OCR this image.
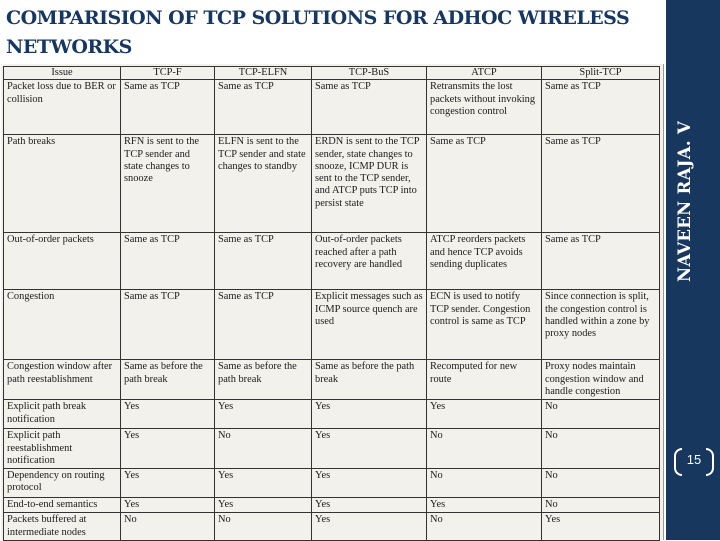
COMPARISION OF TCP SOLUTIONS FOR ADHOC WIRELESS NETWORKS
Issue	TCP-F	TCP-ELFN	TCP-BuS	ATCP	Split-TCP
Packet loss due to BER or collision	Same as TCP	Same as TCP	Same as TCP	Retransmits the lost packets without invoking congestion control	Same as TCP
Path breaks	RFN is sent to the TCP sender and state changes to snooze	ELFN is sent to the TCP sender and state changes to standby	ERDN is sent to the TCP sender, state changes to snooze, ICMP DUR is sent to the TCP sender, and ATCP puts TCP into persist state	Same as TCP	Same as TCP
Out-of-order packets	Same as TCP	Same as TCP	Out-of-order packets reached after a path recovery are handled	ATCP reorders packets and hence TCP avoids sending duplicates	Same as TCP
Congestion	Same as TCP	Same as TCP	Explicit messages such as ICMP source quench are used	ECN is used to notify TCP sender. Congestion control is same as TCP	Since connection is split, the congestion control is handled within a zone by proxy nodes
Congestion window after path reestablishment	Same as before the path break	Same as before the path break	Same as before the path break	Recomputed for new route	Proxy nodes maintain congestion window and handle congestion
Explicit path break notification	Yes	Yes	Yes	Yes	No
Explicit path reestablishment notification	Yes	No	Yes	No	No
Dependency on routing protocol	Yes	Yes	Yes	No	No
End-to-end semantics	Yes	Yes	Yes	Yes	No
Packets buffered at intermediate nodes	No	No	Yes	No	Yes

NAVEEN RAJA. V

15
